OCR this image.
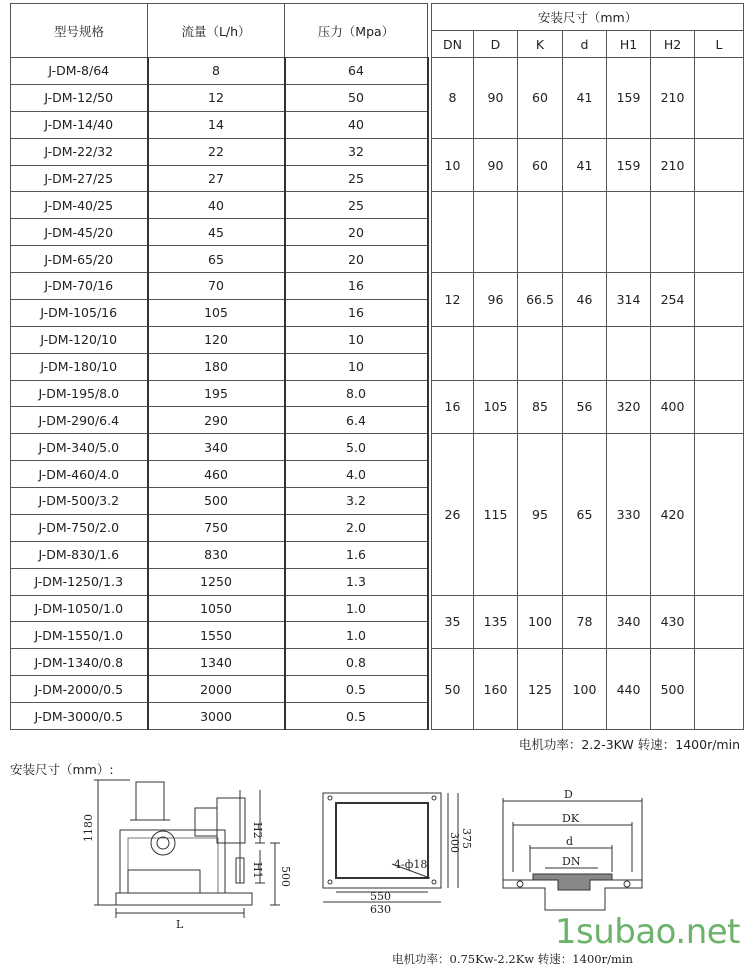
型号规格	流量（L/h）	压力（Mpa）		安装尺寸（mm）						
				DN	D	K	d	H1	H2	L
J-DM-8/64	8	64		8	90	60	41	159	210	
J-DM-12/50	12	50								
J-DM-14/40	14	40								
J-DM-22/32	22	32		10	90	60	41	159	210	
J-DM-27/25	27	25								
J-DM-40/25	40	25								
J-DM-45/20	45	20								
J-DM-65/20	65	20								
J-DM-70/16	70	16		12	96	66.5	46	314	254	
J-DM-105/16	105	16								
J-DM-120/10	120	10								
J-DM-180/10	180	10								
J-DM-195/8.0	195	8.0		16	105	85	56	320	400	
J-DM-290/6.4	290	6.4								
J-DM-340/5.0	340	5.0		26	115	95	65	330	420	
J-DM-460/4.0	460	4.0								
J-DM-500/3.2	500	3.2								
J-DM-750/2.0	750	2.0								
J-DM-830/1.6	830	1.6								
J-DM-1250/1.3	1250	1.3								
J-DM-1050/1.0	1050	1.0		35	135	100	78	340	430	
J-DM-1550/1.0	1550	1.0								
J-DM-1340/0.8	1340	0.8		50	160	125	100	440	500	
J-DM-2000/0.5	2000	0.5								
J-DM-3000/0.5	3000	0.5								
电机功率：2.2-3KW 转速：1400r/min
安装尺寸（mm）:
1180
L
H2
H1 500
550
630
300 375
4-ф18
D
DK
d
DN
1subao.net
电机功率：0.75Kw-2.2Kw 转速：1400r/min
